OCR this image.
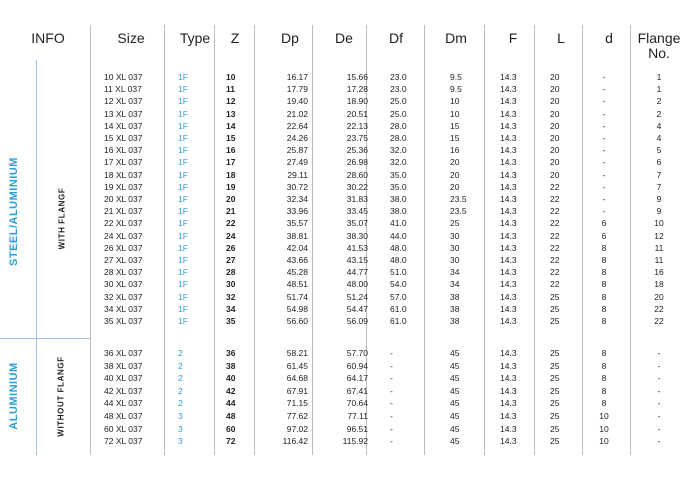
INFO	Size	Type	Z	Dp	De	Df	Dm	F	L	d	Flange
No.
STEEL/ALUMINIUM	WITH FLANGF
ALUMINIUM	WITHOUT FLANGF
10 XL 037	1F	10	16.17	15.66	23.0	9.5	14.3	20	-	1
11 XL 037	1F	11	17.79	17.28	23.0	9.5	14.3	20	-	1
12 XL 037	1F	12	19.40	18.90	25.0	10	14.3	20	-	2
13 XL 037	1F	13	21.02	20.51	25.0	10	14.3	20	-	2
14 XL 037	1F	14	22.64	22.13	28.0	15	14.3	20	-	4
15 XL 037	1F	15	24.26	23.75	28.0	15	14.3	20	-	4
16 XL 037	1F	16	25.87	25.36	32.0	16	14.3	20	-	5
17 XL 037	1F	17	27.49	26.98	32.0	20	14.3	20	-	6
18 XL 037	1F	18	29.11	28.60	35.0	20	14.3	20	-	7
19 XL 037	1F	19	30.72	30.22	35.0	20	14.3	22	-	7
20 XL 037	1F	20	32.34	31.83	38.0	23.5	14.3	22	-	9
21 XL 037	1F	21	33.96	33.45	38.0	23.5	14.3	22	-	9
22 XL 037	1F	22	35.57	35.07	41.0	25	14.3	22	6	10
24 XL 037	1F	24	38.81	38.30	44.0	30	14.3	22	6	12
26 XL 037	1F	26	42.04	41.53	48.0	30	14.3	22	8	11
27 XL 037	1F	27	43.66	43.15	48.0	30	14.3	22	8	11
28 XL 037	1F	28	45.28	44.77	51.0	34	14.3	22	8	16
30 XL 037	1F	30	48.51	48.00	54.0	34	14.3	22	8	18
32 XL 037	1F	32	51.74	51.24	57.0	38	14.3	25	8	20
34 XL 037	1F	34	54.98	54.47	61.0	38	14.3	25	8	22
35 XL 037	1F	35	56.60	56.09	61.0	38	14.3	25	8	22
36 XL 037	2	36	58.21	57.70	-	45	14.3	25	8	-
38 XL 037	2	38	61.45	60.94	-	45	14.3	25	8	-
40 XL 037	2	40	64.68	64.17	-	45	14.3	25	8	-
42 XL 037	2	42	67.91	67.41	-	45	14.3	25	8	-
44 XL 037	2	44	71.15	70.64	-	45	14.3	25	8	-
48 XL 037	3	48	77.62	77.11	-	45	14.3	25	10	-
60 XL 037	3	60	97.02	96.51	-	45	14.3	25	10	-
72 XL 037	3	72	116.42	115.92	-	45	14.3	25	10	-
